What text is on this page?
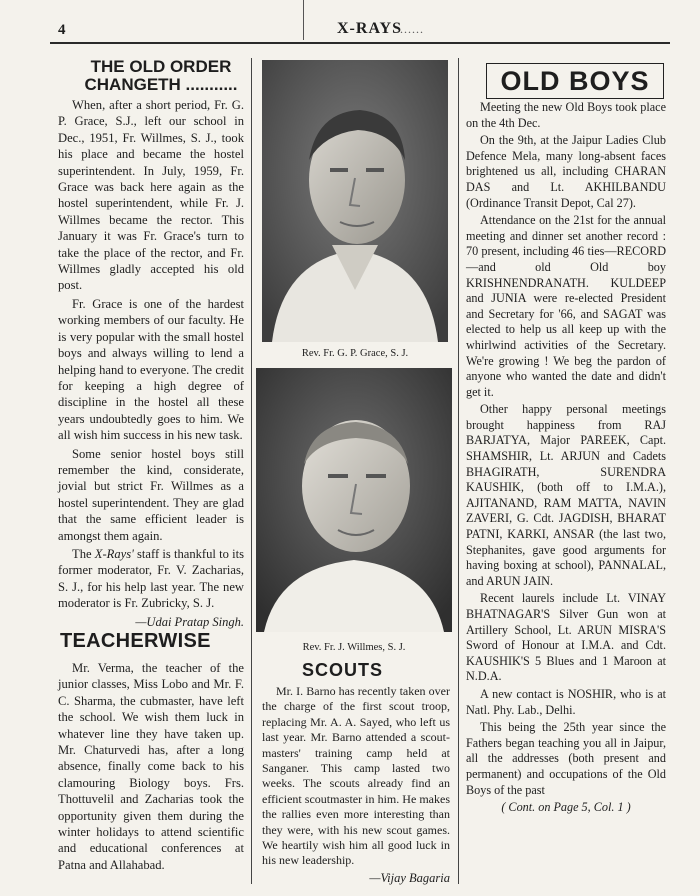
4	X-RAYS
.......
THE OLD ORDER
CHANGETH ...........

When, after a short period, Fr. G. P. Grace, S.J., left our school in Dec., 1951, Fr. Willmes, S. J., took his place and became the hostel superintendent. In July, 1959, Fr. Grace was back here again as the hostel superintendent, while Fr. J. Willmes became the rector. This January it was Fr. Grace's turn to take the place of the rector, and Fr. Willmes gladly accepted his old post.

Fr. Grace is one of the hardest working members of our faculty. He is very popular with the small hostel boys and always willing to lend a helping hand to everyone. The credit for keeping a high degree of discipline in the hostel all these years undoubtedly goes to him. We all wish him success in his new task.

Some senior hostel boys still remember the kind, considerate, jovial but strict Fr. Willmes as a hostel superintendent. They are glad that the same efficient leader is amongst them again.

The X-Rays' staff is thankful to its former moderator, Fr. V. Zacharias, S. J., for his help last year. The new moderator is Fr. Zubricky, S. J.

—Udai Pratap Singh.
TEACHERWISE

Mr. Verma, the teacher of the junior classes, Miss Lobo and Mr. F. C. Sharma, the cubmaster, have left the school. We wish them luck in whatever line they have taken up. Mr. Chaturvedi has, after a long absence, finally come back to his clamouring Biology boys. Frs. Thottuvelil and Zacharias took the opportunity given them during the winter holidays to attend scientific and educational conferences at Patna and Allahabad.

Rev. Fr. G. P. Grace, S. J.
Rev. Fr. J. Willmes, S. J.
SCOUTS

Mr. I. Barno has recently taken over the charge of the first scout troop, replacing Mr. A. A. Sayed, who left us last year. Mr. Barno attended a scout-masters' training camp held at Sanganer. This camp lasted two weeks. The scouts already find an efficient scoutmaster in him. He makes the rallies even more interesting than they were, with his new scout games. We heartily wish him all good luck in his new leadership.

—Vijay Bagaria
OLD BOYS

Meeting the new Old Boys took place on the 4th Dec.

On the 9th, at the Jaipur Ladies Club Defence Mela, many long-absent faces brightened us all, including CHARAN DAS and Lt. AKHILBANDU (Ordinance Transit Depot, Cal 27).

Attendance on the 21st for the annual meeting and dinner set another record : 70 present, including 46 ties—RECORD—and old Old boy KRISHNENDRANATH. KULDEEP and JUNIA were re-elected President and Secretary for '66, and SAGAT was elected to help us all keep up with the whirlwind activities of the Secretary. We're growing ! We beg the pardon of anyone who wanted the date and didn't get it.

Other happy personal meetings brought happiness from RAJ BARJATYA, Major PAREEK, Capt. SHAMSHIR, Lt. ARJUN and Cadets BHAGIRATH, SURENDRA KAUSHIK, (both off to I.M.A.), AJITANAND, RAM MATTA, NAVIN ZAVERI, G. Cdt. JAGDISH, BHARAT PATNI, KARKI, ANSAR (the last two, Stephanites, gave good arguments for having boxing at school), PANNALAL, and ARUN JAIN.

Recent laurels include Lt. VINAY BHATNAGAR'S Silver Gun won at Artillery School, Lt. ARUN MISRA'S Sword of Honour at I.M.A. and Cdt. KAUSHIK'S 5 Blues and 1 Maroon at N.D.A.

A new contact is NOSHIR, who is at Natl. Phy. Lab., Delhi.

This being the 25th year since the Fathers began teaching you all in Jaipur, all the addresses (both present and permanent) and occupations of the Old Boys of the past

( Cont. on Page 5, Col. 1 )
